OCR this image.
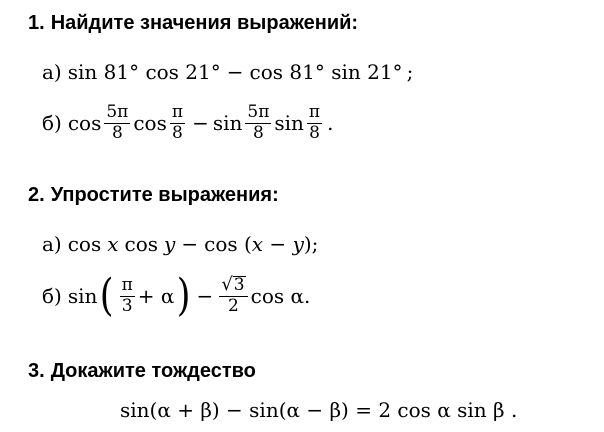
1. Найдите значения выражений:
а) sin 81° cos 21° − cos 81° sin 21° ;
б) $\cos \frac{5\pi}{8}$ $\cos \frac{\pi}{8} - \sin \frac{5\pi}{8}$ $\sin \frac{\pi}{8}$ .
2. Упростите выражения:
а) cos x cos y − cos ( x − y );
б) sin ( $\frac{\pi}{3} + \alpha$ ) − $\frac{√ 3}{2}$ cos α.
3. Докажите тождество
sin(α + β) − sin(α − β) = 2 cos α sin β .
